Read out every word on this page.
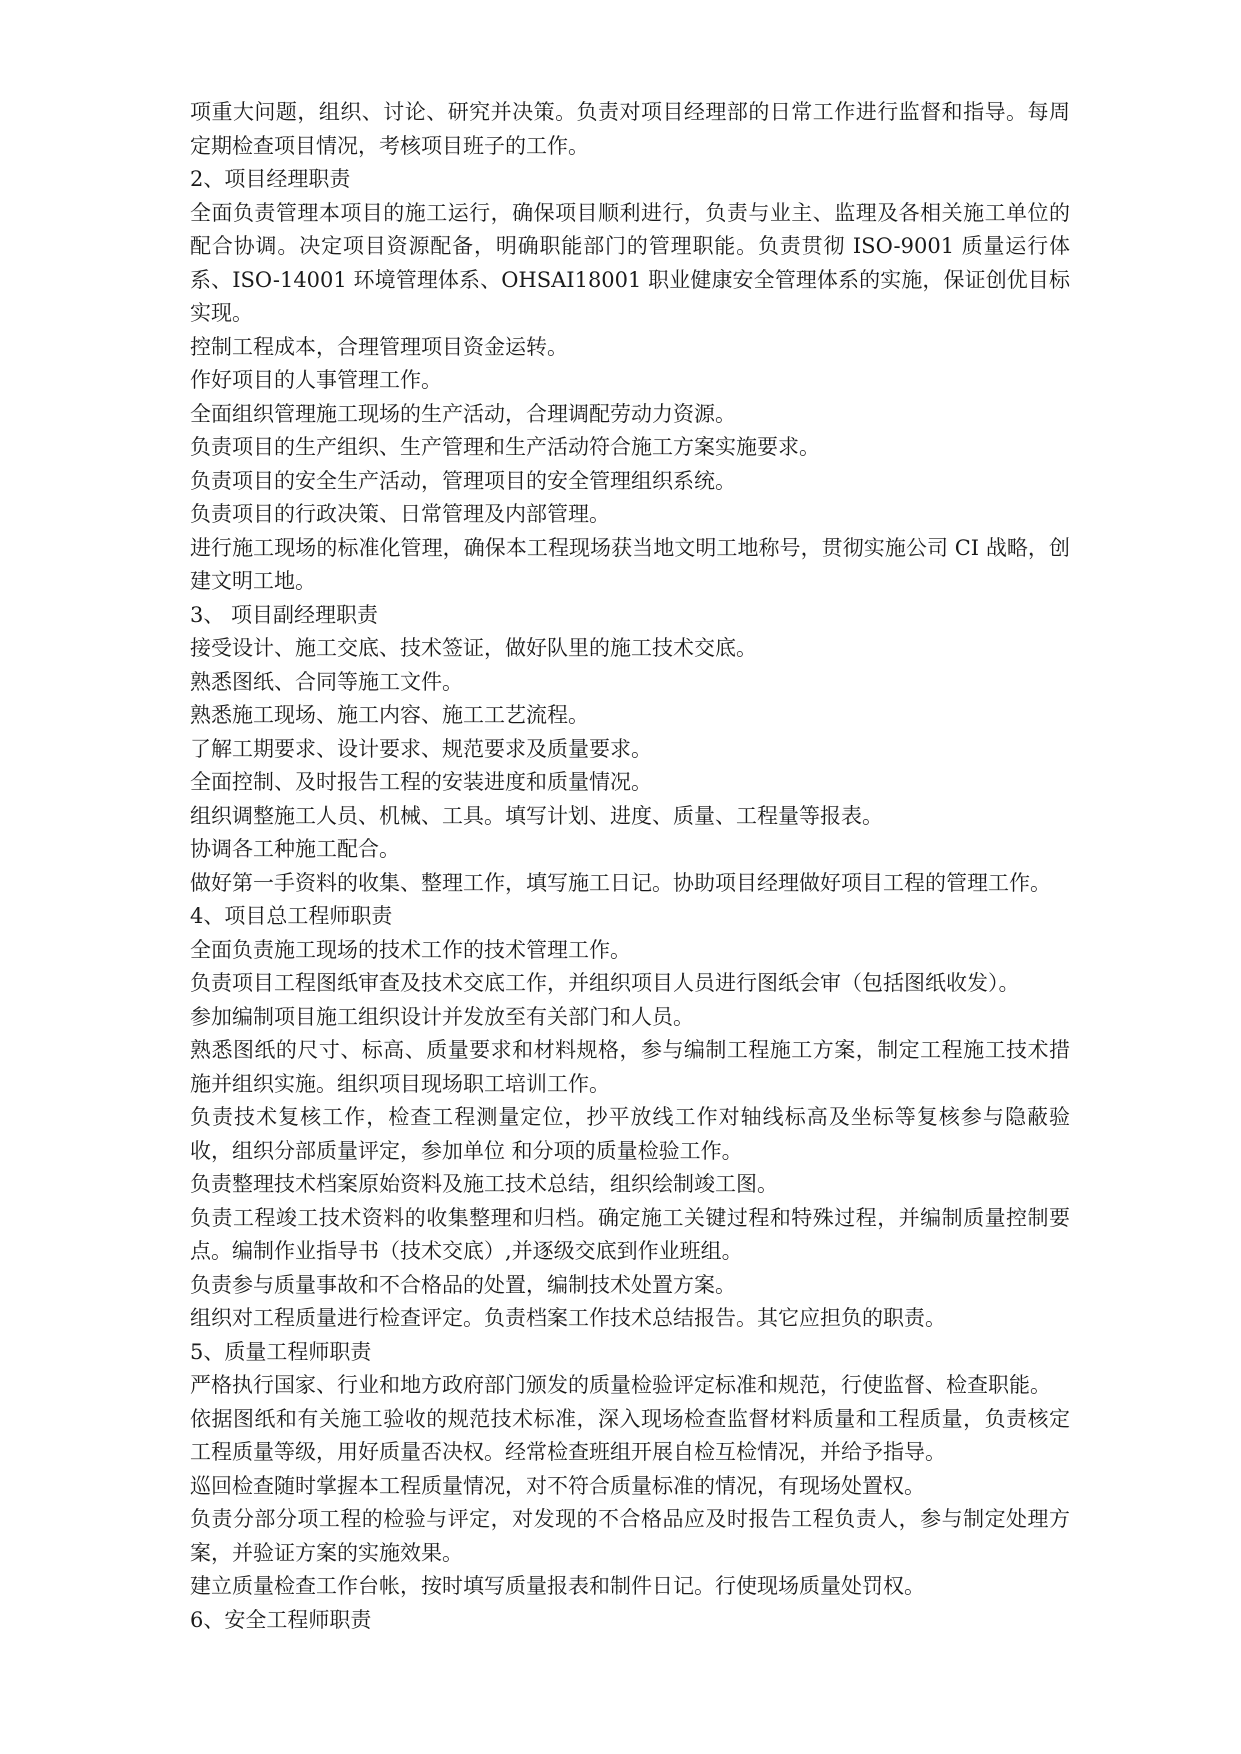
项重大问题，组织、讨论、研究并决策。负责对项目经理部的日常工作进行监督和指导。每周定期检查项目情况，考核项目班子的工作。

2、项目经理职责

全面负责管理本项目的施工运行，确保项目顺利进行，负责与业主、监理及各相关施工单位的配合协调。决定项目资源配备，明确职能部门的管理职能。负责贯彻 ISO-9001 质量运行体系、ISO-14001 环境管理体系、OHSAI18001 职业健康安全管理体系的实施，保证创优目标实现。

控制工程成本，合理管理项目资金运转。

作好项目的人事管理工作。

全面组织管理施工现场的生产活动，合理调配劳动力资源。

负责项目的生产组织、生产管理和生产活动符合施工方案实施要求。

负责项目的安全生产活动，管理项目的安全管理组织系统。

负责项目的行政决策、日常管理及内部管理。

进行施工现场的标准化管理，确保本工程现场获当地文明工地称号，贯彻实施公司 CI 战略，创建文明工地。

3、 项目副经理职责

接受设计、施工交底、技术签证，做好队里的施工技术交底。

熟悉图纸、合同等施工文件。

熟悉施工现场、施工内容、施工工艺流程。

了解工期要求、设计要求、规范要求及质量要求。

全面控制、及时报告工程的安装进度和质量情况。

组织调整施工人员、机械、工具。填写计划、进度、质量、工程量等报表。

协调各工种施工配合。

做好第一手资料的收集、整理工作，填写施工日记。协助项目经理做好项目工程的管理工作。

4、项目总工程师职责

全面负责施工现场的技术工作的技术管理工作。

负责项目工程图纸审查及技术交底工作，并组织项目人员进行图纸会审（包括图纸收发）。

参加编制项目施工组织设计并发放至有关部门和人员。

熟悉图纸的尺寸、标高、质量要求和材料规格，参与编制工程施工方案，制定工程施工技术措施并组织实施。组织项目现场职工培训工作。

负责技术复核工作，检查工程测量定位，抄平放线工作对轴线标高及坐标等复核参与隐蔽验收，组织分部质量评定，参加单位 和分项的质量检验工作。

负责整理技术档案原始资料及施工技术总结，组织绘制竣工图。

负责工程竣工技术资料的收集整理和归档。确定施工关键过程和特殊过程，并编制质量控制要点。编制作业指导书（技术交底）,并逐级交底到作业班组。

负责参与质量事故和不合格品的处置，编制技术处置方案。

组织对工程质量进行检查评定。负责档案工作技术总结报告。其它应担负的职责。

5、质量工程师职责

严格执行国家、行业和地方政府部门颁发的质量检验评定标准和规范，行使监督、检查职能。

依据图纸和有关施工验收的规范技术标准，深入现场检查监督材料质量和工程质量，负责核定工程质量等级，用好质量否决权。经常检查班组开展自检互检情况，并给予指导。

巡回检查随时掌握本工程质量情况，对不符合质量标准的情况，有现场处置权。

负责分部分项工程的检验与评定，对发现的不合格品应及时报告工程负责人，参与制定处理方案，并验证方案的实施效果。

建立质量检查工作台帐，按时填写质量报表和制件日记。行使现场质量处罚权。

6、安全工程师职责
